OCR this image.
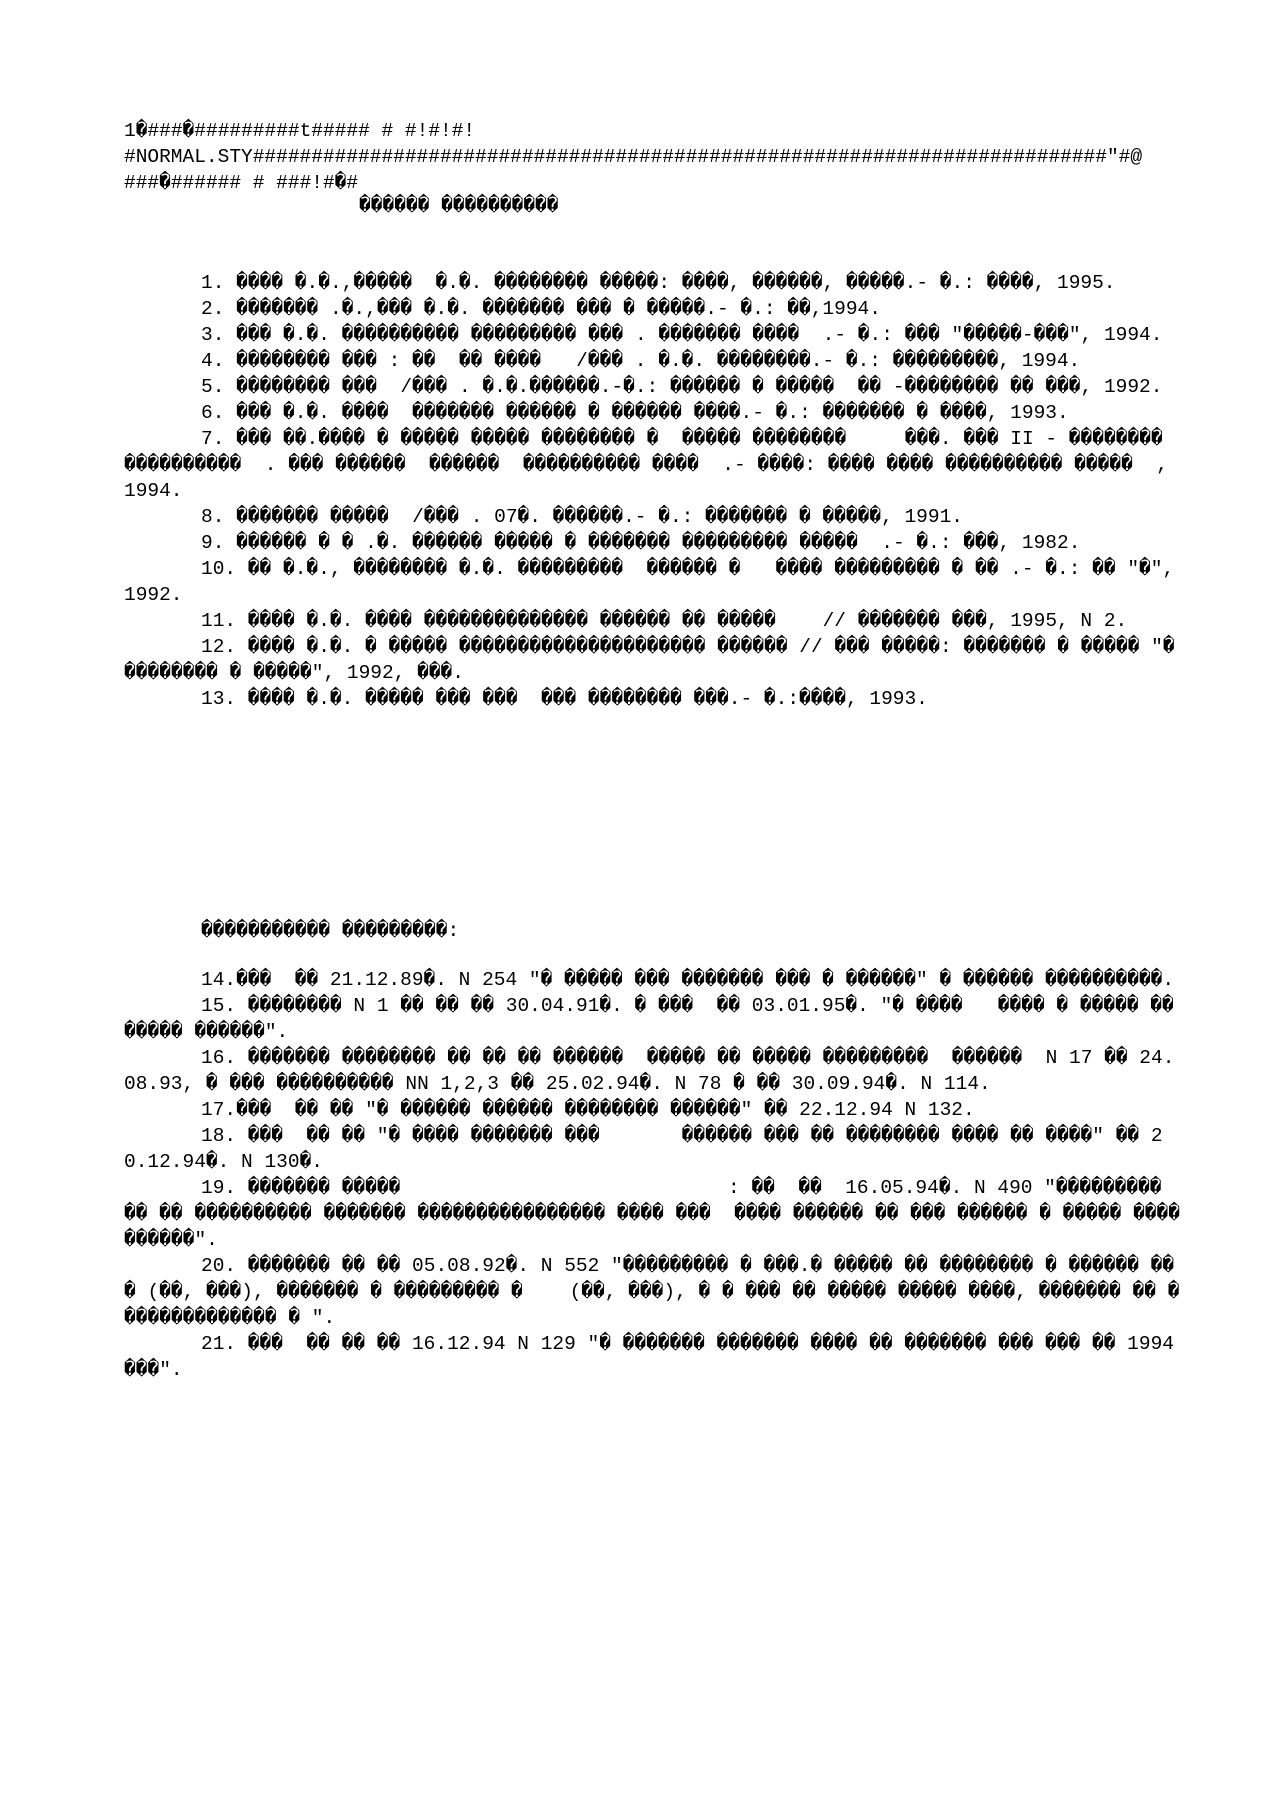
1�###�#########t##### # #!#!#!
#NORMAL.STY#########################################################################"#@
###�###### # ###!#�#
������ ����������

1. ���� �.�.,�����  �.�. �������� �����: ����, ������, �����.- �.: ����, 1995.

2. ������� .�.,��� �.�. ������� ��� � �����.- �.: ��,1994.

3. ��� �.�. ���������� ��������� ��� . ������� ����  .- �.: ��� "�����-���", 1994.

4. �������� ��� : ��  �� ����   /��� . �.�. ��������.- �.: ���������, 1994.

5. �������� ���  /��� . �.�.������.-�.: ������ � �����  �� -�������� �� ���, 1992.

6. ��� �.�. ����  ������� ������ � ������ ����.- �.: ������� � ����, 1993.

7. ��� ��.���� � ����� ����� �������� �  ����� ��������     ���. ��� II - ��������  ����������  . ��� ������  ������  ���������� ����  .- ����: ���� ���� ���������� �����  , 1994.

8. ������� �����  /��� . 07�. ������.- �.: ������� � �����, 1991.

9. ������ � � .�. ������ ����� � ������� ��������� �����  .- �.: ���, 1982.

10. �� �.�., �������� �.�. ���������  ������ �   ���� ��������� � �� .- �.: �� "�", 1992.

11. ���� �.�. ���� �������������� ������ �� �����    // ������� ���, 1995, N 2.

12. ���� �.�. � ����� ��������������������� ������ // ��� �����: ������� � ����� "��������� � �����", 1992, ���.

13. ���� �.�. ����� ��� ���  ��� �������� ���.- �.:����, 1993.

����������� ���������:

14.���  �� 21.12.89�. N 254 "� ����� ��� ������� ��� � ������" � ������ ����������.

15. �������� N 1 �� �� �� 30.04.91�. � ���  �� 03.01.95�. "� ����   ���� � ����� ������� ������".

16. ������� �������� �� �� �� ������  ����� �� ����� ���������  ������  N 17 �� 24.08.93, � ��� ���������� NN 1,2,3 �� 25.02.94�. N 78 � �� 30.09.94�. N 114.

17.���  �� �� "� ������ ������ �������� ������" �� 22.12.94 N 132.

18. ���  �� �� "� ���� ������� ���       ������ ��� �� �������� ���� �� ����" �� 20.12.94�. N 130�.

19. ������� �����                            : ��  ��  16.05.94�. N 490 "��������� �� �� ���������� ������� ���������������� ���� ���  ���� ������ �� ��� ������ � ����� ���� ������".

20. ������� �� �� 05.08.92�. N 552 "��������� � ���.� ����� �� �������� � ������ ��� (��, ���), ������� � ��������� �    (��, ���), � � ��� �� ����� ����� ����, ������� �� �������������� � ".

21. ���  �� �� �� 16.12.94 N 129 "� ������� ������� ���� �� ������� ��� ��� �� 1994 ���".
